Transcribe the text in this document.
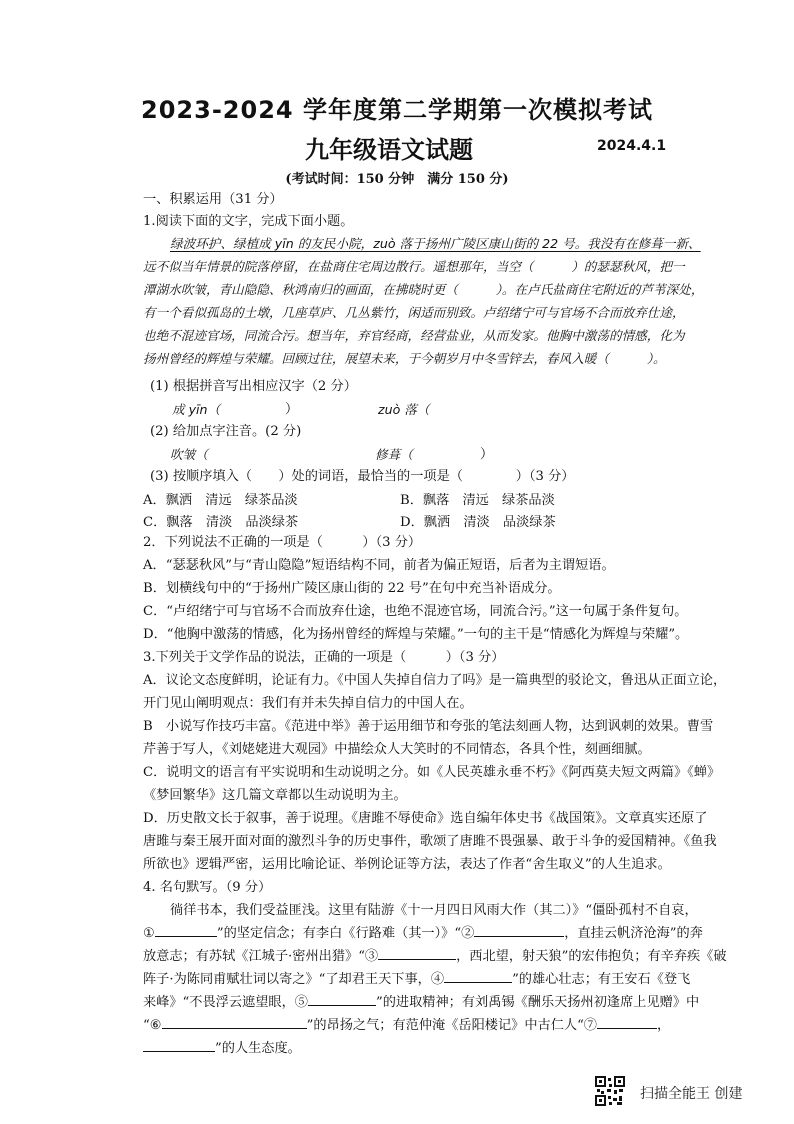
2023-2024 学年度第二学期第一次模拟考试
九年级语文试题	2024.4.1
(考试时间：150 分钟　满分 150 分)
一、积累运用（31 分）
1.阅读下面的文字，完成下面小题。
绿波环护、绿植成 yīn 的友民小院，zuò 落于扬州广陵区康山街的 22 号。我没有在修葺一新、
远不似当年情景的院落停留，在盐商住宅周边散行。遥想那年，当空（　　　）的瑟瑟秋风，把一
潭湖水吹皱，青山隐隐、秋鸿南归的画面，在拂晓时更（　　　）。在卢氏盐商住宅附近的芦苇深处，
有一个看似孤岛的土墩，几座草庐、几丛紫竹，闲适而别致。卢绍绪宁可与官场不合而放弃仕途，
也绝不混迹官场，同流合污。想当年，弃官经商，经营盐业，从而发家。他胸中激荡的情感，化为
扬州曾经的辉煌与荣耀。回顾过往，展望未来，于今朝岁月中冬雪锌去，春风入暖（　　　）。
(1) 根据拼音写出相应汉字（2 分）
成 yīn（	）	zuò 落（
(2) 给加点字注音。(2 分)
吹皱（	修葺（	）
(3) 按顺序填入（　　）处的词语，最恰当的一项是（　　　　）（3 分）
A．飘洒　清远　绿茶品淡	B．飘落　清远　绿茶品淡
C．飘落　清淡　品淡绿茶	D．飘洒　清淡　品淡绿茶
2．下列说法不正确的一项是（　　　）（3 分）
A．“瑟瑟秋风”与“青山隐隐”短语结构不同，前者为偏正短语，后者为主谓短语。
B．划横线句中的“于扬州广陵区康山街的 22 号”在句中充当补语成分。
C．“卢绍绪宁可与官场不合而放弃仕途，也绝不混迹官场，同流合污。”这一句属于条件复句。
D．“他胸中激荡的情感，化为扬州曾经的辉煌与荣耀。”一句的主干是“情感化为辉煌与荣耀”。
3.下列关于文学作品的说法，正确的一项是（　　　）（3 分）
A．议论文态度鲜明，论证有力。《中国人失掉自信力了吗》是一篇典型的驳论文，鲁迅从正面立论，
开门见山阐明观点：我们有并未失掉自信力的中国人在。
B　小说写作技巧丰富。《范进中举》善于运用细节和夸张的笔法刻画人物，达到讽刺的效果。曹雪
芹善于写人，《刘姥姥进大观园》中描绘众人大笑时的不同情态，各具个性，刻画细腻。
C．说明文的语言有平实说明和生动说明之分。如《人民英雄永垂不朽》《阿西莫夫短文两篇》《蝉》
《梦回繁华》这几篇文章都以生动说明为主。
D．历史散文长于叙事，善于说理。《唐雎不辱使命》选自编年体史书《战国策》。文章真实还原了
唐雎与秦王展开面对面的激烈斗争的历史事件，歌颂了唐雎不畏强暴、敢于斗争的爱国精神。《鱼我
所欲也》逻辑严密，运用比喻论证、举例论证等方法，表达了作者“舍生取义”的人生追求。
4. 名句默写。（9 分）
徜徉书本，我们受益匪浅。这里有陆游《十一月四日风雨大作（其二）》“僵卧孤村不自哀，
①	”的坚定信念；有李白《行路难（其一）》“②	，直挂云帆济沧海”的奔
放意志；有苏轼《江城子·密州出猎》“③	，西北望，射天狼”的宏伟抱负；有辛弃疾《破
阵子·为陈同甫赋壮词以寄之》“了却君王天下事，④	”的雄心壮志；有王安石《登飞
来峰》“不畏浮云遮望眼，⑤	”的进取精神；有刘禹锡《酬乐天扬州初逢席上见赠》中
“⑥	”的昂扬之气；有范仲淹《岳阳楼记》中古仁人“⑦	，
”的人生态度。
扫描全能王 创建
